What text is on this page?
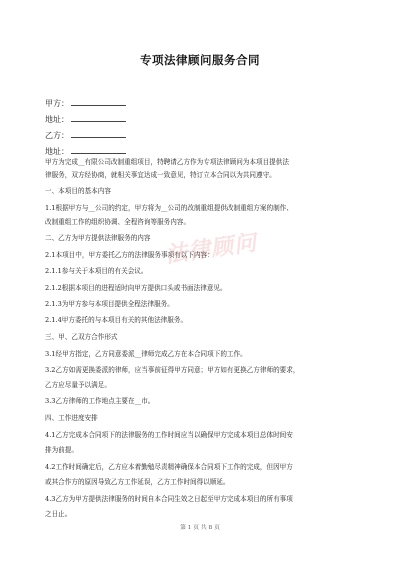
专项法律顾问服务合同
甲方：
地址：
乙方：
地址：
甲方为完成__有限公司改制重组项目，特聘请乙方作为专项法律顾问为本项目提供法
律服务，双方经协商，就相关事宜达成一致意见，特订立本合同以为共同遵守。
一、本项目的基本内容
1.1根据甲方与__公司的约定，甲方将为__公司的改制重组提供改制重组方案的制作、
改制重组工作的组织协调、全程咨询等服务内容。
二、乙方为甲方提供法律服务的内容
2.1本项目中，甲方委托乙方的法律服务事项有以下内容：
2.1.1参与关于本项目的有关会议。
2.1.2根据本项目的进程适时向甲方提供口头或书面法律意见。
2.1.3为甲方参与本项目提供全程法律服务。
2.1.4甲方委托的与本项目有关的其他法律服务。
三、甲、乙双方合作形式
3.1经甲方指定，乙方同意委派__律师完成乙方在本合同项下的工作。
3.2乙方如需更换委派的律师，应当事前征得甲方同意；甲方如有更换乙方律师的要求，
乙方应尽量予以满足。
3.3乙方律师的工作地点主要在__市。
四、工作进度安排
4.1乙方完成本合同项下的法律服务的工作时间应当以确保甲方完成本项目总体时间安
排为前提。
4.2工作时间确定后，乙方应本着勤勉尽责精神确保本合同项下工作的完成，但因甲方
或其合作方的原因导致乙方工作延误，乙方工作时间得以顺延。
4.3乙方为甲方提供法律服务的时间自本合同生效之日起至甲方完成本项目的所有事项
之日止。
法律顾问
第 1 页 共 8 页
